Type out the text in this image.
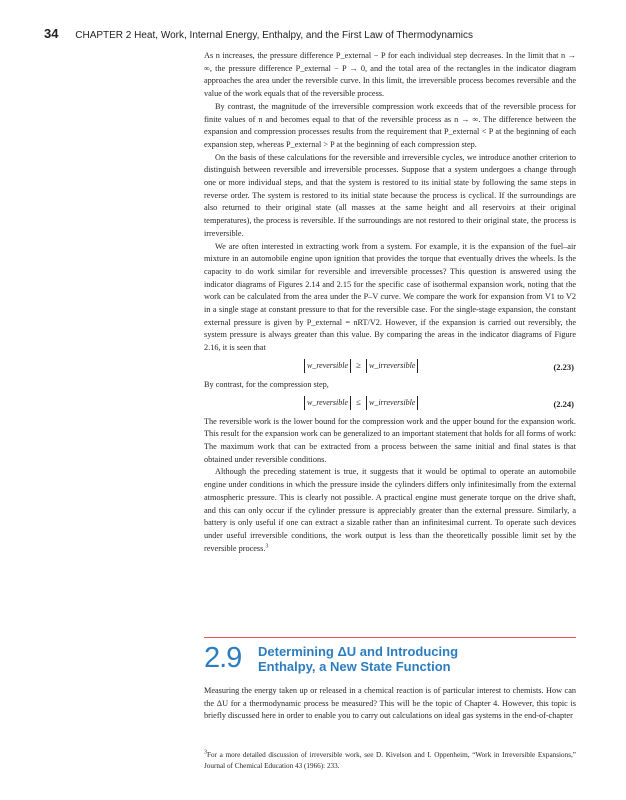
34 CHAPTER 2 Heat, Work, Internal Energy, Enthalpy, and the First Law of Thermodynamics

As n increases, the pressure difference P_external − P for each individual step decreases. In the limit that n → ∞, the pressure difference P_external − P → 0, and the total area of the rectangles in the indicator diagram approaches the area under the reversible curve. In this limit, the irreversible process becomes reversible and the value of the work equals that of the reversible process.

By contrast, the magnitude of the irreversible compression work exceeds that of the reversible process for finite values of n and becomes equal to that of the reversible process as n → ∞. The difference between the expansion and compression processes results from the requirement that P_external < P at the beginning of each expansion step, whereas P_external > P at the beginning of each compression step.

On the basis of these calculations for the reversible and irreversible cycles, we introduce another criterion to distinguish between reversible and irreversible processes. Suppose that a system undergoes a change through one or more individual steps, and that the system is restored to its initial state by following the same steps in reverse order. The system is restored to its initial state because the process is cyclical. If the surroundings are also returned to their original state (all masses at the same height and all reservoirs at their original temperatures), the process is reversible. If the surroundings are not restored to their original state, the process is irreversible.

We are often interested in extracting work from a system. For example, it is the expansion of the fuel–air mixture in an automobile engine upon ignition that provides the torque that eventually drives the wheels. Is the capacity to do work similar for reversible and irreversible processes? This question is answered using the indicator diagrams of Figures 2.14 and 2.15 for the specific case of isothermal expansion work, noting that the work can be calculated from the area under the P–V curve. We compare the work for expansion from V1 to V2 in a single stage at constant pressure to that for the reversible case. For the single-stage expansion, the constant external pressure is given by P_external = nRT/V2. However, if the expansion is carried out reversibly, the system pressure is always greater than this value. By comparing the areas in the indicator diagrams of Figure 2.16, it is seen that

w_reversible ≥ w_irreversible	(2.23)

By contrast, for the compression step,

w_reversible ≤ w_irreversible	(2.24)

The reversible work is the lower bound for the compression work and the upper bound for the expansion work. This result for the expansion work can be generalized to an important statement that holds for all forms of work: The maximum work that can be extracted from a process between the same initial and final states is that obtained under reversible conditions.

Although the preceding statement is true, it suggests that it would be optimal to operate an automobile engine under conditions in which the pressure inside the cylinders differs only infinitesimally from the external atmospheric pressure. This is clearly not possible. A practical engine must generate torque on the drive shaft, and this can only occur if the cylinder pressure is appreciably greater than the external pressure. Similarly, a battery is only useful if one can extract a sizable rather than an infinitesimal current. To operate such devices under useful irreversible conditions, the work output is less than the theoretically possible limit set by the reversible process.$^3$

2.9 Determining ΔU and Introducing
Enthalpy, a New State Function

Measuring the energy taken up or released in a chemical reaction is of particular interest to chemists. How can the ΔU for a thermodynamic process be measured? This will be the topic of Chapter 4. However, this topic is briefly discussed here in order to enable you to carry out calculations on ideal gas systems in the end-of-chapter

$^3$For a more detailed discussion of irreversible work, see D. Kivelson and I. Oppenheim, “Work in Irreversible Expansions,” Journal of Chemical Education 43 (1966): 233.
